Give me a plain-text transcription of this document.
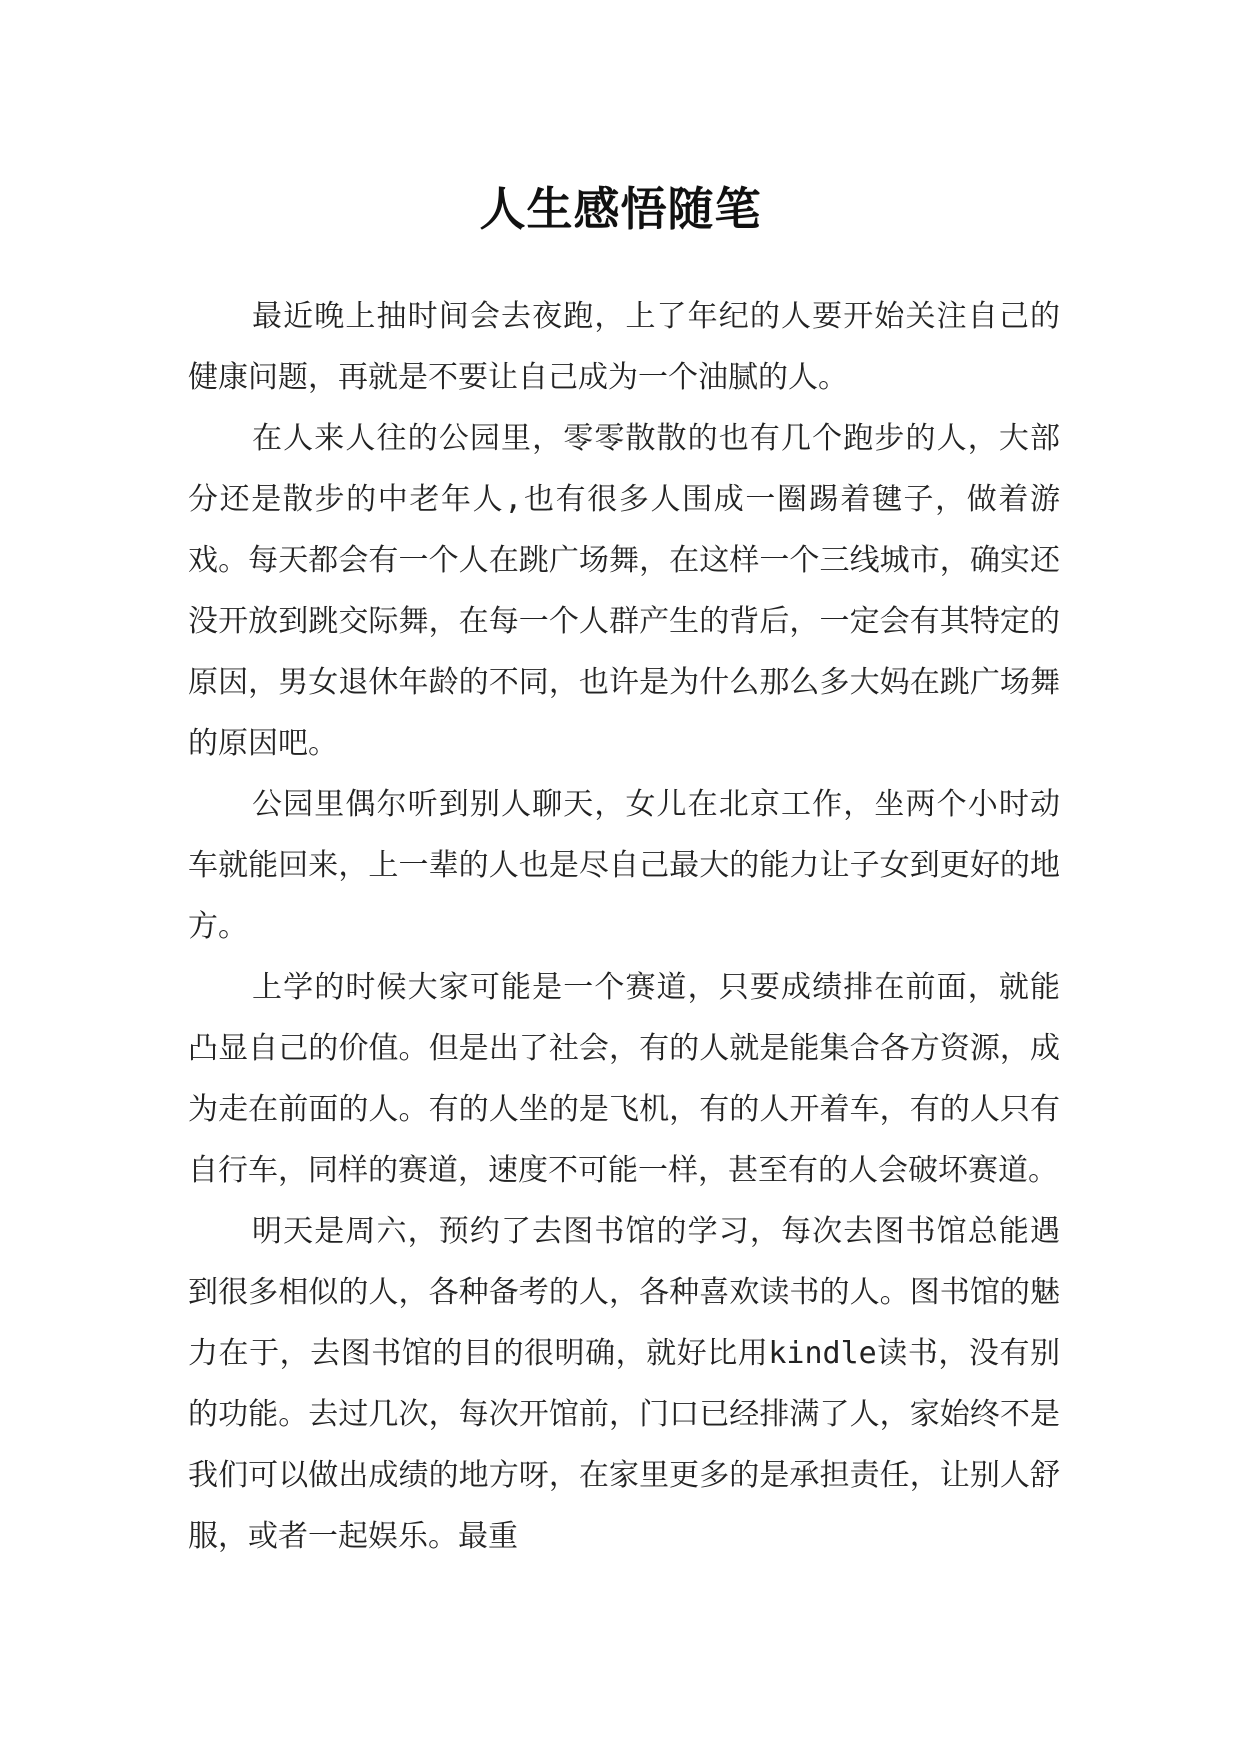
人生感悟随笔

最近晚上抽时间会去夜跑，上了年纪的人要开始关注自己的健康问题，再就是不要让自己成为一个油腻的人。

在人来人往的公园里，零零散散的也有几个跑步的人，大部分还是散步的中老年人,也有很多人围成一圈踢着毽子，做着游戏。每天都会有一个人在跳广场舞，在这样一个三线城市，确实还没开放到跳交际舞，在每一个人群产生的背后，一定会有其特定的原因，男女退休年龄的不同，也许是为什么那么多大妈在跳广场舞的原因吧。

公园里偶尔听到别人聊天，女儿在北京工作，坐两个小时动车就能回来，上一辈的人也是尽自己最大的能力让子女到更好的地方。

上学的时候大家可能是一个赛道，只要成绩排在前面，就能凸显自己的价值。但是出了社会，有的人就是能集合各方资源，成为走在前面的人。有的人坐的是飞机，有的人开着车，有的人只有自行车，同样的赛道，速度不可能一样，甚至有的人会破坏赛道。

明天是周六，预约了去图书馆的学习，每次去图书馆总能遇到很多相似的人，各种备考的人，各种喜欢读书的人。图书馆的魅力在于，去图书馆的目的很明确，就好比用kindle读书，没有别的功能。去过几次，每次开馆前，门口已经排满了人，家始终不是我们可以做出成绩的地方呀，在家里更多的是承担责任，让别人舒服，或者一起娱乐。最重
